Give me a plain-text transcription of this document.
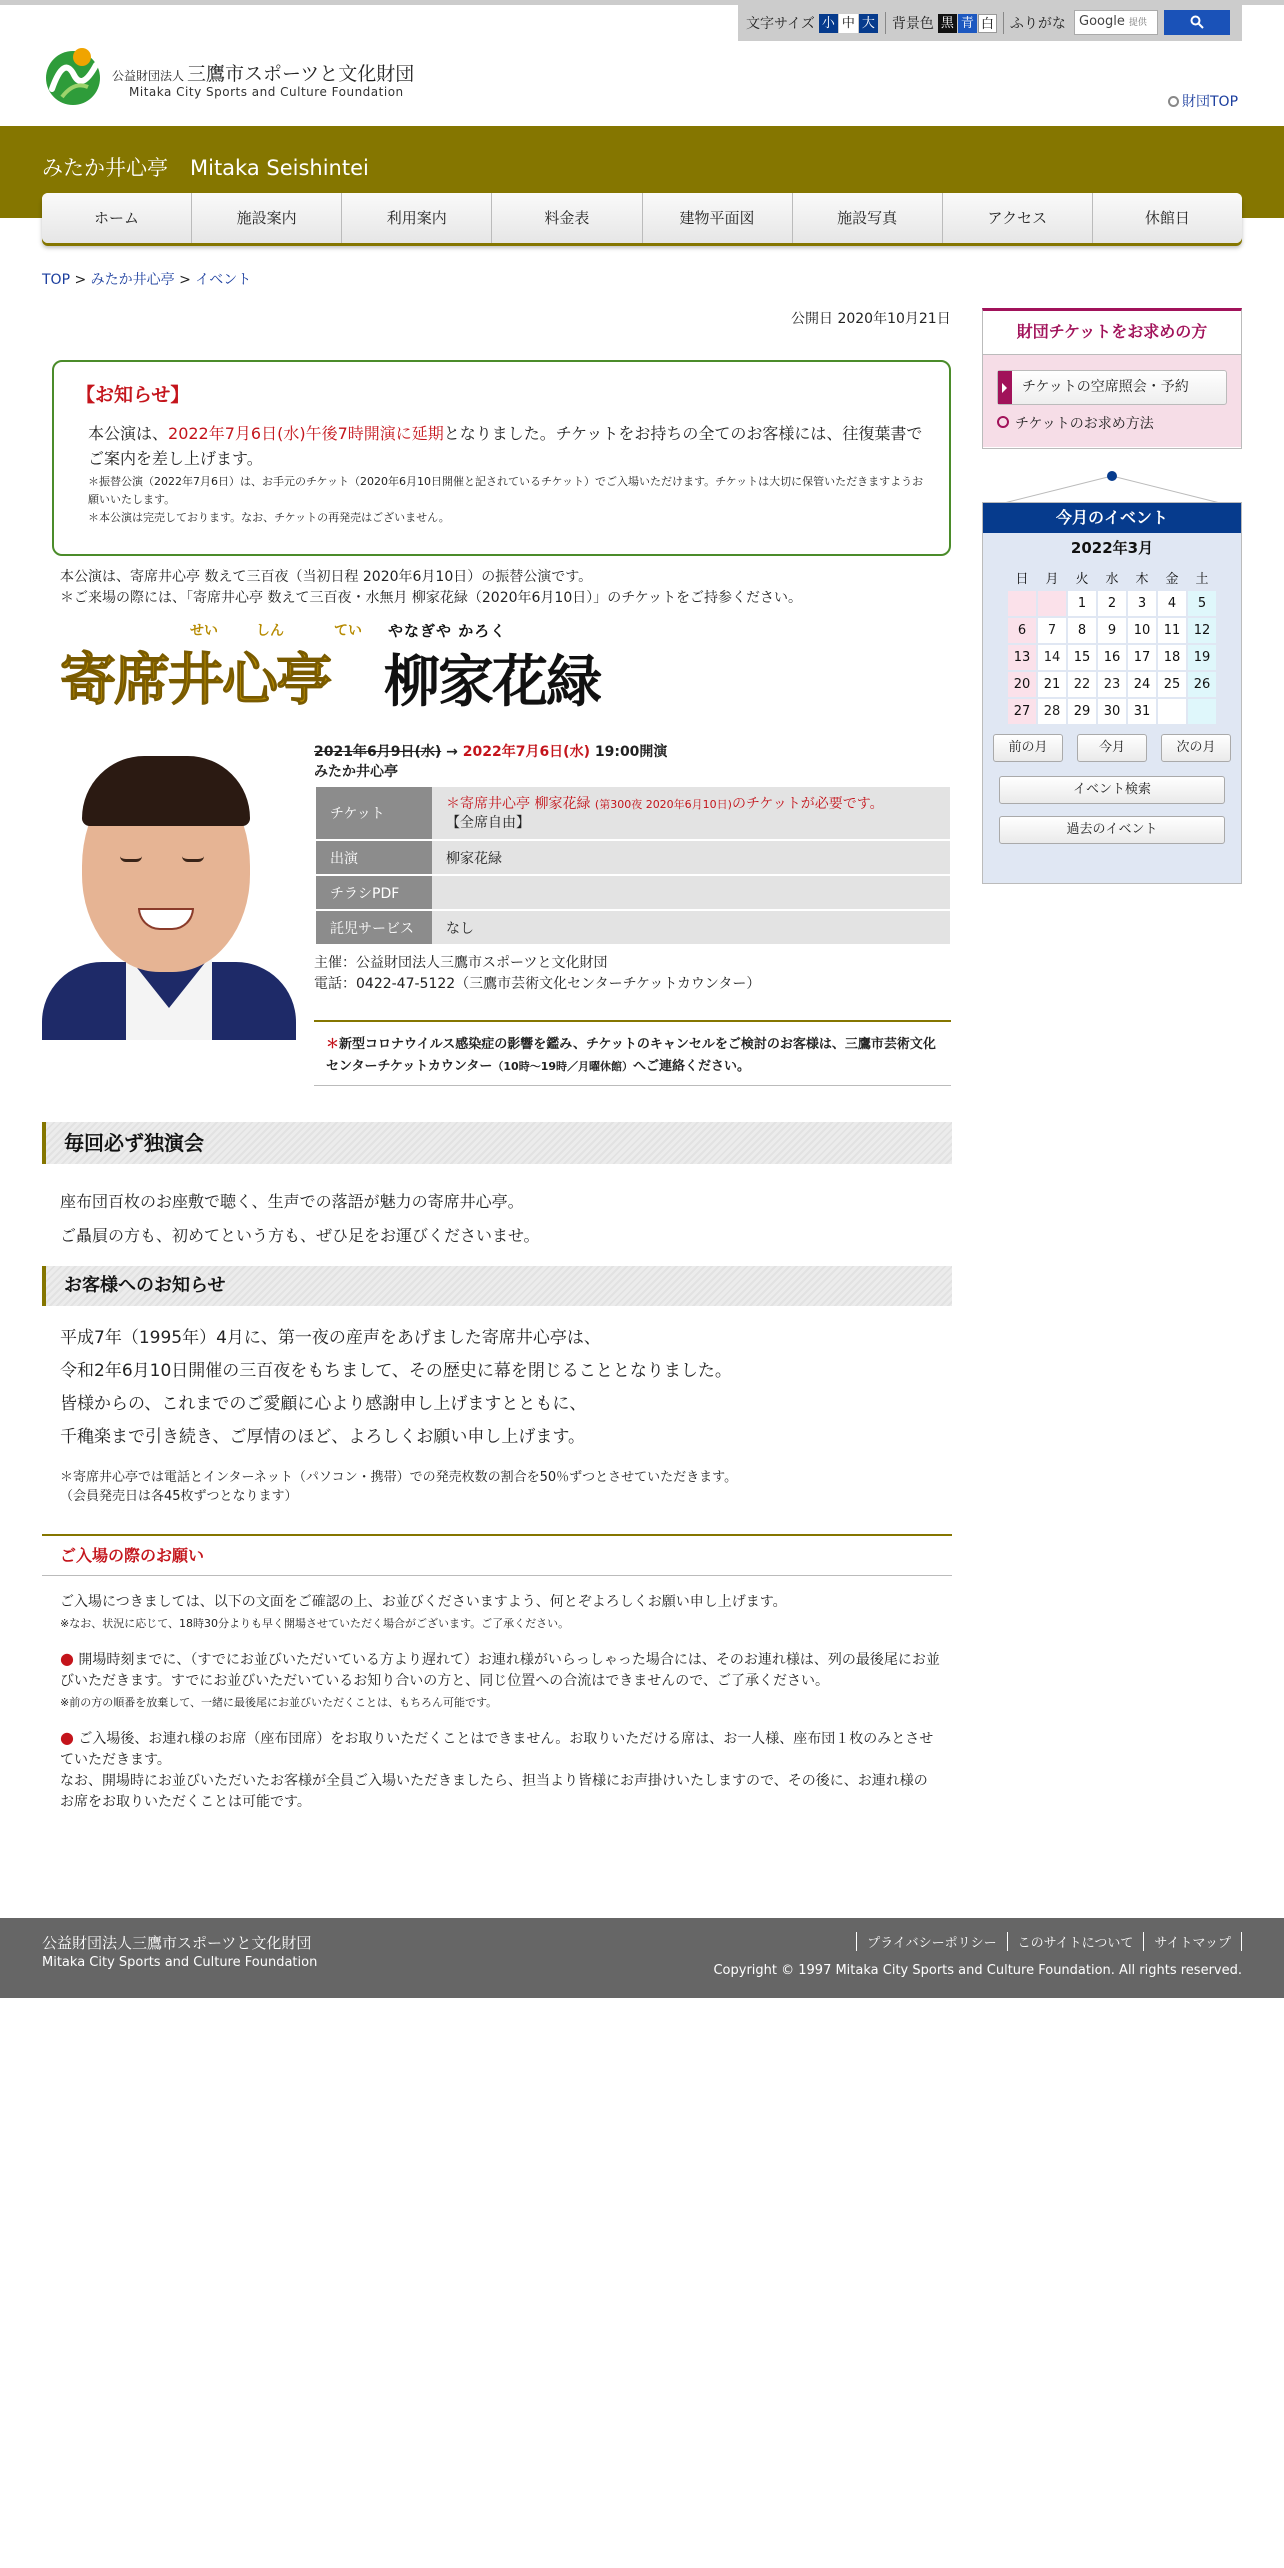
文字サイズ 小 中 大 背景色 黒 青 白 ふりがな	Google 提供
公益財団法人 三鷹市スポーツと文化財団
Mitaka City Sports and Culture Foundation
財団TOP
みたか井心亭 Mitaka Seishintei
ホーム	施設案内	利用案内	料金表	建物平面図	施設写真	アクセス	休館日
TOP > みたか井心亭 > イベント
公開日 2020年10月21日
【お知らせ】
本公演は、2022年7月6日(水)午後7時開演に延期となりました。チケットをお持ちの全てのお客様には、往復葉書でご案内を差し上げます。
＊振替公演（2022年7月6日）は、お手元のチケット（2020年6月10日開催と記されているチケット）でご入場いただけます。チケットは大切に保管いただきますようお願いいたします。
＊本公演は完売しております。なお、チケットの再発売はございません。
本公演は、寄席井心亭 数えて三百夜（当初日程 2020年6月10日）の振替公演です。
＊ご来場の際には、「寄席井心亭 数えて三百夜・水無月 柳家花緑（2020年6月10日）」のチケットをご持参ください。
せい	しん	てい
寄席井心亭
やなぎや かろく
柳家花緑
2021年6月9日(水) → 2022年7月6日(水) 19:00開演
みたか井心亭
チケット	＊寄席井心亭 柳家花緑 (第300夜 2020年6月10日)のチケットが必要です。
【全席自由】
出演	柳家花緑
チラシPDF	
託児サービス	なし
主催：公益財団法人三鷹市スポーツと文化財団
電話：0422-47-5122（三鷹市芸術文化センターチケットカウンター）
＊新型コロナウイルス感染症の影響を鑑み、チケットのキャンセルをご検討のお客様は、三鷹市芸術文化センターチケットカウンター（10時～19時／月曜休館）へご連絡ください。
毎回必ず独演会
座布団百枚のお座敷で聴く、生声での落語が魅力の寄席井心亭。
ご贔屓の方も、初めてという方も、ぜひ足をお運びくださいませ。
お客様へのお知らせ
平成7年（1995年）4月に、第一夜の産声をあげました寄席井心亭は、
令和2年6月10日開催の三百夜をもちまして、その歴史に幕を閉じることとなりました。
皆様からの、これまでのご愛顧に心より感謝申し上げますとともに、
千穐楽まで引き続き、ご厚情のほど、よろしくお願い申し上げます。
＊寄席井心亭では電話とインターネット（パソコン・携帯）での発売枚数の割合を50％ずつとさせていただきます。
（会員発売日は各45枚ずつとなります）
ご入場の際のお願い
ご入場につきましては、以下の文面をご確認の上、お並びくださいますよう、何とぞよろしくお願い申し上げます。
※なお、状況に応じて、18時30分よりも早く開場させていただく場合がございます。ご了承ください。
● 開場時刻までに、（すでにお並びいただいている方より遅れて）お連れ様がいらっしゃった場合には、そのお連れ様は、列の最後尾にお並びいただきます。すでにお並びいただいているお知り合いの方と、同じ位置への合流はできませんので、ご了承ください。
※前の方の順番を放棄して、一緒に最後尾にお並びいただくことは、もちろん可能です。
● ご入場後、お連れ様のお席（座布団席）をお取りいただくことはできません。お取りいただける席は、お一人様、座布団１枚のみとさせていただきます。
なお、開場時にお並びいただいたお客様が全員ご入場いただきましたら、担当より皆様にお声掛けいたしますので、その後に、お連れ様のお席をお取りいただくことは可能です。
財団チケットをお求めの方
チケットの空席照会・予約
チケットのお求め方法
今月のイベント
2022年3月
日	月	火	水	木	金	土
		1	2	3	4	5
6	7	8	9	10	11	12
13	14	15	16	17	18	19
20	21	22	23	24	25	26
27	28	29	30	31		
前の月	今月	次の月
イベント検索
過去のイベント
公益財団法人三鷹市スポーツと文化財団
Mitaka City Sports and Culture Foundation
プライバシーポリシー	このサイトについて	サイトマップ
Copyright © 1997 Mitaka City Sports and Culture Foundation. All rights reserved.
